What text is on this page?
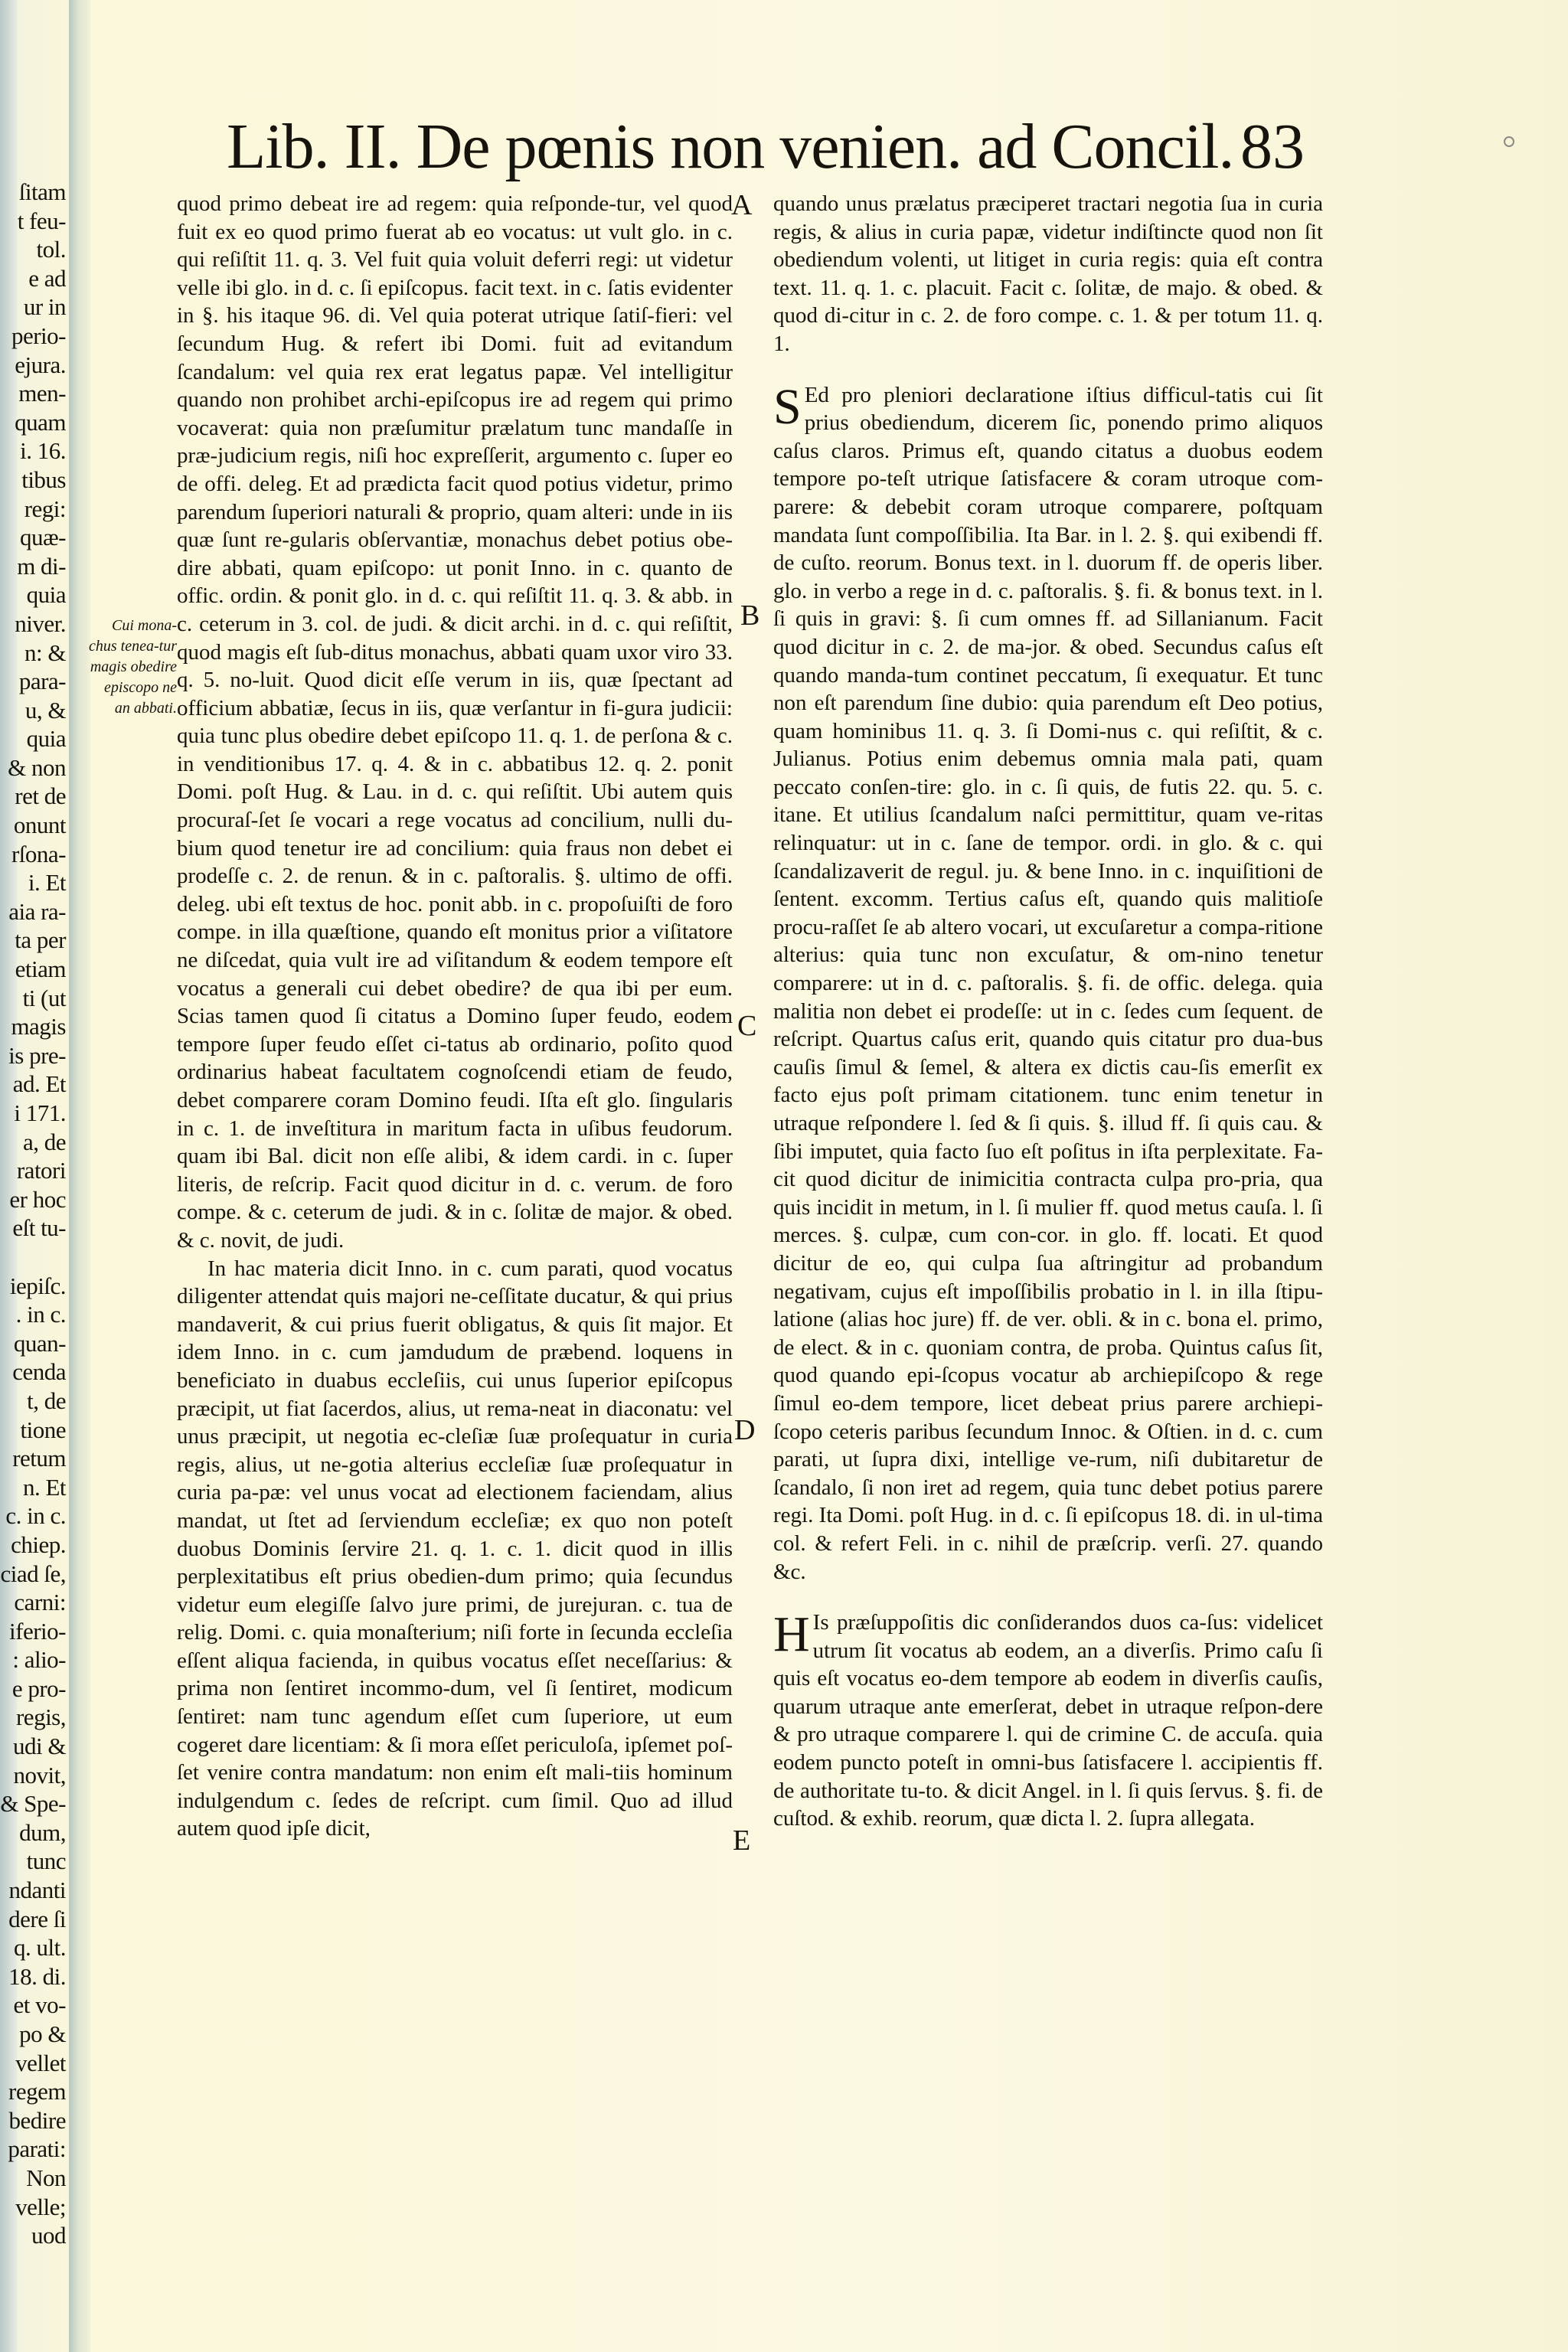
ſitam
t feu-
tol.
e ad
ur in
perio-
ejura.
men-
quam
i. 16.
tibus
regi:
quæ-
m di-
quia
niver.
n: &
para-
u, &
quia
& non
ret de
onunt
rſona-
i. Et
aia ra-
ta per
etiam
ti (ut
magis
is pre-
ad. Et
i 171.
a, de
ratori
er hoc
eſt tu-

iepiſc.
. in c.
quan-
cenda
t, de
tione
retum
n. Et
c. in c.
chiep.
ciad ſe,
carni:
iferio-
: alio-
e pro-
regis,
udi &
novit,
& Spe-
dum,
tunc
ndanti
dere ſi
q. ult.
18. di.
et vo-
po &
vellet
regem
bedire
parati:
Non
velle;
uod
Lib. II. De pœnis non venien. ad Concil. 83
Cui mona-chus tenea-tur magis obedire episcopo ne an abbati.
A
B
C
D
E

quod primo debeat ire ad regem: quia reſponde-tur, vel quod fuit ex eo quod primo fuerat ab eo vocatus: ut vult glo. in c. qui reſiſtit 11. q. 3. Vel fuit quia voluit deferri regi: ut videtur velle ibi glo. in d. c. ſi epiſcopus. facit text. in c. ſatis evidenter in §. his itaque 96. di. Vel quia poterat utrique ſatiſ-fieri: vel ſecundum Hug. & refert ibi Domi. fuit ad evitandum ſcandalum: vel quia rex erat legatus papæ. Vel intelligitur quando non prohibet archi-epiſcopus ire ad regem qui primo vocaverat: quia non præſumitur prælatum tunc mandaſſe in præ-judicium regis, niſi hoc expreſſerit, argumento c. ſuper eo de offi. deleg. Et ad prædicta facit quod potius videtur, primo parendum ſuperiori naturali & proprio, quam alteri: unde in iis quæ ſunt re-gularis obſervantiæ, monachus debet potius obe-dire abbati, quam epiſcopo: ut ponit Inno. in c. quanto de offic. ordin. & ponit glo. in d. c. qui reſiſtit 11. q. 3. & abb. in c. ceterum in 3. col. de judi. & dicit archi. in d. c. qui reſiſtit, quod magis eſt ſub-ditus monachus, abbati quam uxor viro 33. q. 5. no-luit. Quod dicit eſſe verum in iis, quæ ſpectant ad officium abbatiæ, ſecus in iis, quæ verſantur in fi-gura judicii: quia tunc plus obedire debet epiſcopo 11. q. 1. de perſona & c. in venditionibus 17. q. 4. & in c. abbatibus 12. q. 2. ponit Domi. poſt Hug. & Lau. in d. c. qui reſiſtit. Ubi autem quis procuraſ-ſet ſe vocari a rege vocatus ad concilium, nulli du-bium quod tenetur ire ad concilium: quia fraus non debet ei prodeſſe c. 2. de renun. & in c. paſtoralis. §. ultimo de offi. deleg. ubi eſt textus de hoc. ponit abb. in c. propoſuiſti de foro compe. in illa quæſtione, quando eſt monitus prior a viſitatore ne diſcedat, quia vult ire ad viſitandum & eodem tempore eſt vocatus a generali cui debet obedire? de qua ibi per eum. Scias tamen quod ſi citatus a Domino ſuper feudo, eodem tempore ſuper feudo eſſet ci-tatus ab ordinario, poſito quod ordinarius habeat facultatem cognoſcendi etiam de feudo, debet comparere coram Domino feudi. Iſta eſt glo. ſingularis in c. 1. de inveſtitura in maritum facta in uſibus feudorum. quam ibi Bal. dicit non eſſe alibi, & idem cardi. in c. ſuper literis, de reſcrip. Facit quod dicitur in d. c. verum. de foro compe. & c. ceterum de judi. & in c. ſolitæ de major. & obed. & c. novit, de judi.

In hac materia dicit Inno. in c. cum parati, quod vocatus diligenter attendat quis majori ne-ceſſitate ducatur, & qui prius mandaverit, & cui prius fuerit obligatus, & quis ſit major. Et idem Inno. in c. cum jamdudum de præbend. loquens in beneficiato in duabus eccleſiis, cui unus ſuperior epiſcopus præcipit, ut fiat ſacerdos, alius, ut rema-neat in diaconatu: vel unus præcipit, ut negotia ec-cleſiæ ſuæ proſequatur in curia regis, alius, ut ne-gotia alterius eccleſiæ ſuæ proſequatur in curia pa-pæ: vel unus vocat ad electionem faciendam, alius mandat, ut ſtet ad ſerviendum eccleſiæ; ex quo non poteſt duobus Dominis ſervire 21. q. 1. c. 1. dicit quod in illis perplexitatibus eſt prius obedien-dum primo; quia ſecundus videtur eum elegiſſe ſalvo jure primi, de jurejuran. c. tua de relig. Domi. c. quia monaſterium; niſi forte in ſecunda eccleſia eſſent aliqua facienda, in quibus vocatus eſſet neceſſarius: & prima non ſentiret incommo-dum, vel ſi ſentiret, modicum ſentiret: nam tunc agendum eſſet cum ſuperiore, ut eum cogeret dare licentiam: & ſi mora eſſet periculoſa, ipſemet poſ-ſet venire contra mandatum: non enim eſt mali-tiis hominum indulgendum c. ſedes de reſcript. cum ſimil. Quo ad illud autem quod ipſe dicit,

quando unus prælatus præciperet tractari negotia ſua in curia regis, & alius in curia papæ, videtur indiſtincte quod non ſit obediendum volenti, ut litiget in curia regis: quia eſt contra text. 11. q. 1. c. placuit. Facit c. ſolitæ, de majo. & obed. & quod di-citur in c. 2. de foro compe. c. 1. & per totum 11. q. 1.

S Ed pro pleniori declaratione iſtius difficul-tatis cui ſit prius obediendum, dicerem ſic, ponendo primo aliquos caſus claros. Primus eſt, quando citatus a duobus eodem tempore po-teſt utrique ſatisfacere & coram utroque com-parere: & debebit coram utroque comparere, poſtquam mandata ſunt compoſſibilia. Ita Bar. in l. 2. §. qui exibendi ff. de cuſto. reorum. Bonus text. in l. duorum ff. de operis liber. glo. in verbo a rege in d. c. paſtoralis. §. fi. & bonus text. in l. ſi quis in gravi: §. ſi cum omnes ff. ad Sillanianum. Facit quod dicitur in c. 2. de ma-jor. & obed. Secundus caſus eſt quando manda-tum continet peccatum, ſi exequatur. Et tunc non eſt parendum ſine dubio: quia parendum eſt Deo potius, quam hominibus 11. q. 3. ſi Domi-nus c. qui reſiſtit, & c. Julianus. Potius enim debemus omnia mala pati, quam peccato conſen-tire: glo. in c. ſi quis, de futis 22. qu. 5. c. itane. Et utilius ſcandalum naſci permittitur, quam ve-ritas relinquatur: ut in c. ſane de tempor. ordi. in glo. & c. qui ſcandalizaverit de regul. ju. & bene Inno. in c. inquiſitioni de ſentent. excomm. Tertius caſus eſt, quando quis malitioſe procu-raſſet ſe ab altero vocari, ut excuſaretur a compa-ritione alterius: quia tunc non excuſatur, & om-nino tenetur comparere: ut in d. c. paſtoralis. §. fi. de offic. delega. quia malitia non debet ei prodeſſe: ut in c. ſedes cum ſequent. de reſcript. Quartus caſus erit, quando quis citatur pro dua-bus cauſis ſimul & ſemel, & altera ex dictis cau-ſis emerſit ex facto ejus poſt primam citationem. tunc enim tenetur in utraque reſpondere l. ſed & ſi quis. §. illud ff. ſi quis cau. & ſibi imputet, quia facto ſuo eſt poſitus in iſta perplexitate. Fa-cit quod dicitur de inimicitia contracta culpa pro-pria, qua quis incidit in metum, in l. ſi mulier ff. quod metus cauſa. l. ſi merces. §. culpæ, cum con-cor. in glo. ff. locati. Et quod dicitur de eo, qui culpa ſua aſtringitur ad probandum negativam, cujus eſt impoſſibilis probatio in l. in illa ſtipu-latione (alias hoc jure) ff. de ver. obli. & in c. bona el. primo, de elect. & in c. quoniam contra, de proba. Quintus caſus ſit, quod quando epi-ſcopus vocatur ab archiepiſcopo & rege ſimul eo-dem tempore, licet debeat prius parere archiepi-ſcopo ceteris paribus ſecundum Innoc. & Oſtien. in d. c. cum parati, ut ſupra dixi, intellige ve-rum, niſi dubitaretur de ſcandalo, ſi non iret ad regem, quia tunc debet potius parere regi. Ita Domi. poſt Hug. in d. c. ſi epiſcopus 18. di. in ul-tima col. & refert Feli. in c. nihil de præſcrip. verſi. 27. quando &c.

H Is præſuppoſitis dic conſiderandos duos ca-ſus: videlicet utrum ſit vocatus ab eodem, an a diverſis. Primo caſu ſi quis eſt vocatus eo-dem tempore ab eodem in diverſis cauſis, quarum utraque ante emerſerat, debet in utraque reſpon-dere & pro utraque comparere l. qui de crimine C. de accuſa. quia eodem puncto poteſt in omni-bus ſatisfacere l. accipientis ff. de authoritate tu-to. & dicit Angel. in l. ſi quis ſervus. §. fi. de cuſtod. & exhib. reorum, quæ dicta l. 2. ſupra allegata.
